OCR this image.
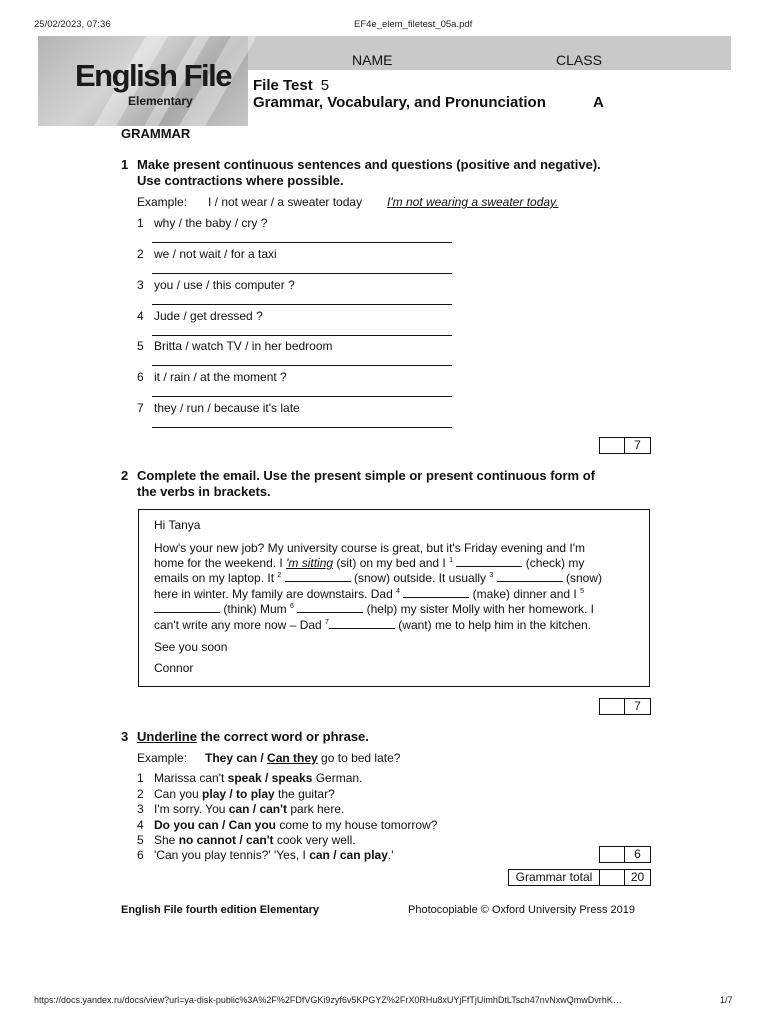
25/02/2023, 07:36	EF4e_elem_filetest_05a.pdf
English File
Elementary
NAME	CLASS
File Test 5
Grammar, Vocabulary, and Pronunciation	A
GRAMMAR
1 Make present continuous sentences and questions (positive and negative).
Use contractions where possible.
Example: I / not wear / a sweater today I'm not wearing a sweater today.
1 why / the baby / cry ?
2 we / not wait / for a taxi
3 you / use / this computer ?
4 Jude / get dressed ?
5 Britta / watch TV / in her bedroom
6 it / rain / at the moment ?
7 they / run / because it's late
7
2 Complete the email. Use the present simple or present continuous form of
the verbs in brackets.
Hi Tanya
How's your new job? My university course is great, but it's Friday evening and I'm
home for the weekend. I 'm sitting (sit) on my bed and I $^1$	(check) my
emails on my laptop. It $^2$	(snow) outside. It usually $^3$	(snow)
here in winter. My family are downstairs. Dad $^4$	(make) dinner and I $^5$
(think) Mum $^6$	(help) my sister Molly with her homework. I
can't write any more now – Dad $^7$	(want) me to help him in the kitchen.
See you soon
Connor
7
3 Underline the correct word or phrase.
Example: They can / Can they go to bed late?
1 Marissa can't speak / speaks German.
2 Can you play / to play the guitar?
3 I'm sorry. You can / can't park here.
4 Do you can / Can you come to my house tomorrow?
5 She no cannot / can't cook very well.
6 'Can you play tennis?' 'Yes, I can / can play.'	6
Grammar total	20
English File fourth edition Elementary	Photocopiable © Oxford University Press 2019
https://docs.yandex.ru/docs/view?url=ya-disk-public%3A%2F%2FDfVGKi9zyf6v5KPGYZ%2FrX0RHu8xUYjFfTjUimhDtLTsch47nvNxwQmwDvrhK…	1/7
